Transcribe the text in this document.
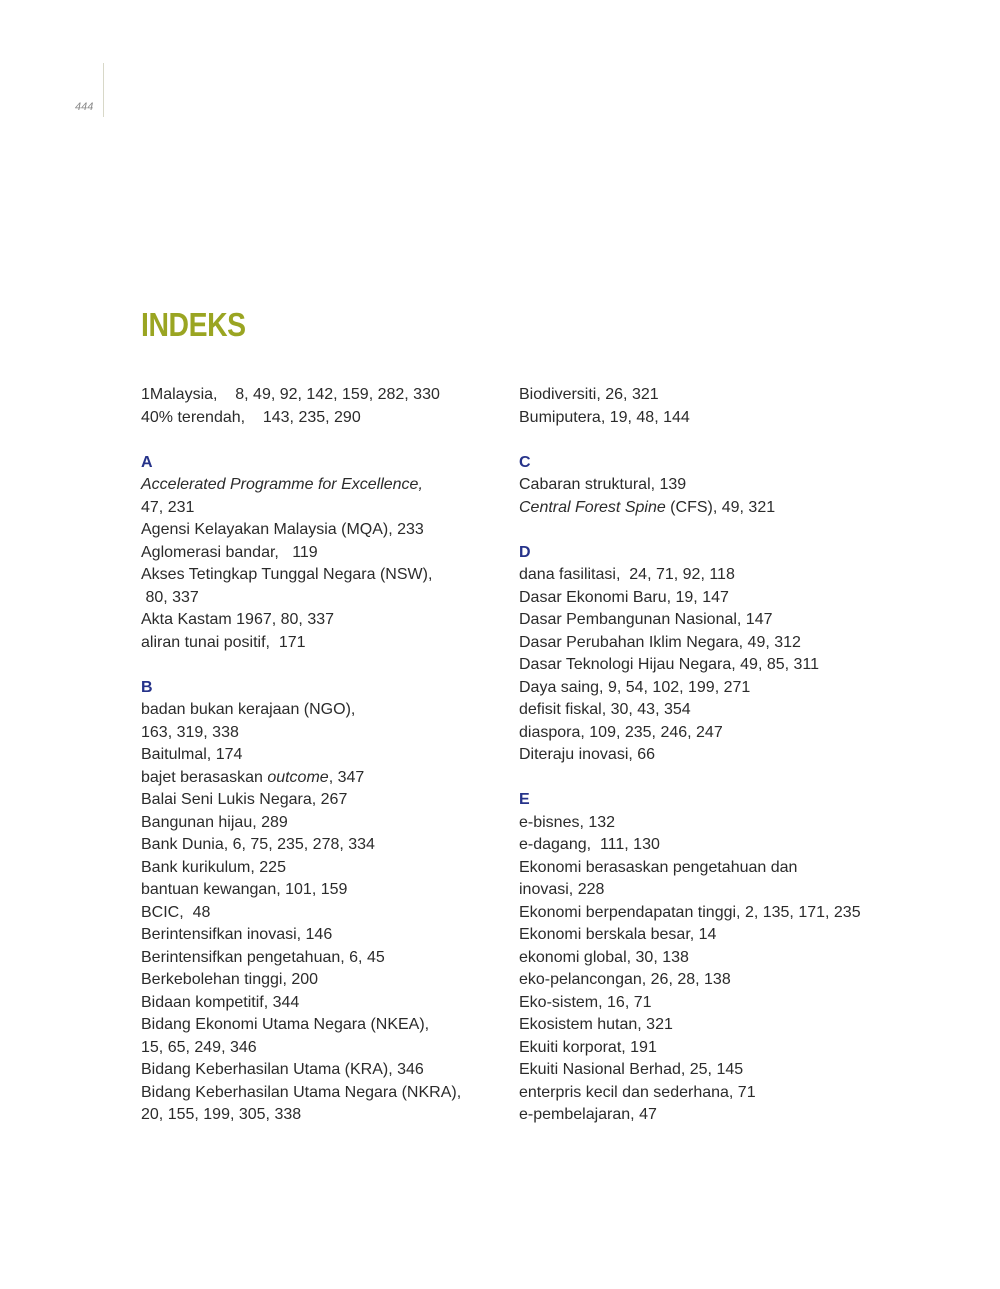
444
INDEKS
1Malaysia,    8, 49, 92, 142, 159, 282, 330
40% terendah,    143, 235, 290
A
Accelerated Programme for Excellence,
47, 231
Agensi Kelayakan Malaysia (MQA), 233
Aglomerasi bandar,   119
Akses Tetingkap Tunggal Negara (NSW),
80, 337
Akta Kastam 1967, 80, 337
aliran tunai positif,  171
B
badan bukan kerajaan (NGO),
163, 319, 338
Baitulmal, 174
bajet berasaskan outcome, 347
Balai Seni Lukis Negara, 267
Bangunan hijau, 289
Bank Dunia, 6, 75, 235, 278, 334
Bank kurikulum, 225
bantuan kewangan, 101, 159
BCIC,  48
Berintensifkan inovasi, 146
Berintensifkan pengetahuan, 6, 45
Berkebolehan tinggi, 200
Bidaan kompetitif, 344
Bidang Ekonomi Utama Negara (NKEA),
15, 65, 249, 346
Bidang Keberhasilan Utama (KRA), 346
Bidang Keberhasilan Utama Negara (NKRA),
20, 155, 199, 305, 338
Biodiversiti, 26, 321
Bumiputera, 19, 48, 144
C
Cabaran struktural, 139
Central Forest Spine (CFS), 49, 321
D
dana fasilitasi,  24, 71, 92, 118
Dasar Ekonomi Baru, 19, 147
Dasar Pembangunan Nasional, 147
Dasar Perubahan Iklim Negara, 49, 312
Dasar Teknologi Hijau Negara, 49, 85, 311
Daya saing, 9, 54, 102, 199, 271
defisit fiskal, 30, 43, 354
diaspora, 109, 235, 246, 247
Diteraju inovasi, 66
E
e-bisnes, 132
e-dagang,  111, 130
Ekonomi berasaskan pengetahuan dan
inovasi, 228
Ekonomi berpendapatan tinggi, 2, 135, 171, 235
Ekonomi berskala besar, 14
ekonomi global, 30, 138
eko-pelancongan, 26, 28, 138
Eko-sistem, 16, 71
Ekosistem hutan, 321
Ekuiti korporat, 191
Ekuiti Nasional Berhad, 25, 145
enterpris kecil dan sederhana, 71
e-pembelajaran, 47
